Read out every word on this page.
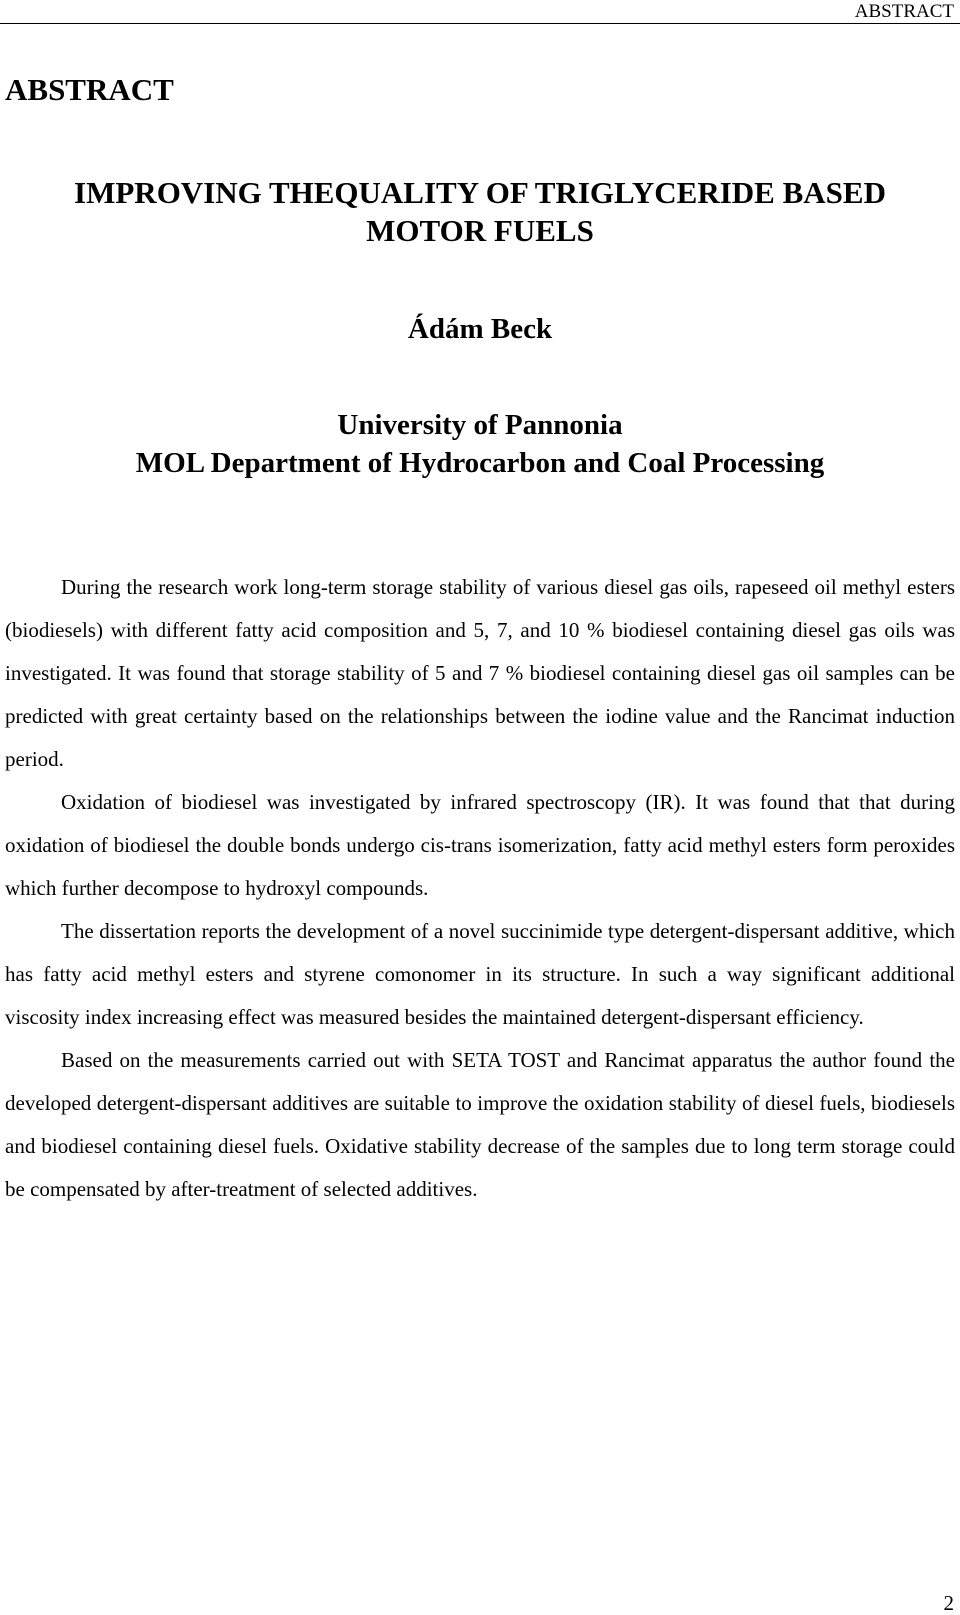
ABSTRACT
ABSTRACT
IMPROVING THEQUALITY OF TRIGLYCERIDE BASED
MOTOR FUELS
Ádám Beck
University of Pannonia
MOL Department of Hydrocarbon and Coal Processing

During the research work long-term storage stability of various diesel gas oils, rapeseed oil methyl esters (biodiesels) with different fatty acid composition and 5, 7, and 10 % biodiesel containing diesel gas oils was investigated. It was found that storage stability of 5 and 7 % biodiesel containing diesel gas oil samples can be predicted with great certainty based on the relationships between the iodine value and the Rancimat induction period.

Oxidation of biodiesel was investigated by infrared spectroscopy (IR). It was found that that during oxidation of biodiesel the double bonds undergo cis-trans isomerization, fatty acid methyl esters form peroxides which further decompose to hydroxyl compounds.

The dissertation reports the development of a novel succinimide type detergent-dispersant additive, which has fatty acid methyl esters and styrene comonomer in its structure. In such a way significant additional viscosity index increasing effect was measured besides the maintained detergent-dispersant efficiency.

Based on the measurements carried out with SETA TOST and Rancimat apparatus the author found the developed detergent-dispersant additives are suitable to improve the oxidation stability of diesel fuels, biodiesels and biodiesel containing diesel fuels. Oxidative stability decrease of the samples due to long term storage could be compensated by after-treatment of selected additives.

2
